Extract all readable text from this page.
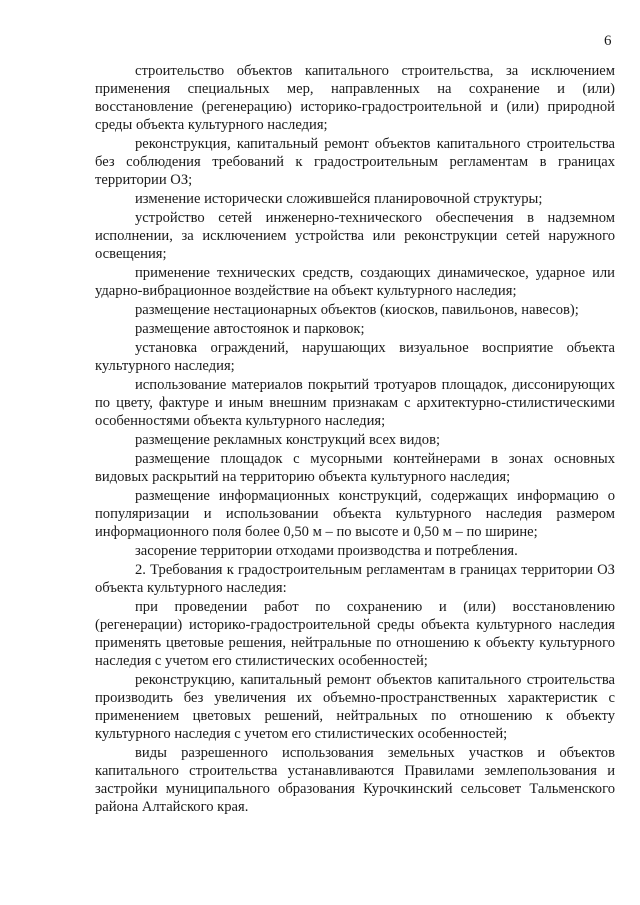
6

строительство объектов капитального строительства, за исключением применения специальных мер, направленных на сохранение и (или) восстановление (регенерацию) историко-градостроительной и (или) природной среды объекта культурного наследия;

реконструкция, капитальный ремонт объектов капитального строительства без соблюдения требований к градостроительным регламентам в границах территории ОЗ;

изменение исторически сложившейся планировочной структуры;

устройство сетей инженерно-технического обеспечения в надземном исполнении, за исключением устройства или реконструкции сетей наружного освещения;

применение технических средств, создающих динамическое, ударное или ударно-вибрационное воздействие на объект культурного наследия;

размещение нестационарных объектов (киосков, павильонов, навесов);

размещение автостоянок и парковок;

установка ограждений, нарушающих визуальное восприятие объекта культурного наследия;

использование материалов покрытий тротуаров площадок, диссонирующих по цвету, фактуре и иным внешним признакам с архитектурно-стилистическими особенностями объекта культурного наследия;

размещение рекламных конструкций всех видов;

размещение площадок с мусорными контейнерами в зонах основных видовых раскрытий на территорию объекта культурного наследия;

размещение информационных конструкций, содержащих информацию о популяризации и использовании объекта культурного наследия размером информационного поля более 0,50 м – по высоте и 0,50 м – по ширине;

засорение территории отходами производства и потребления.

2. Требования к градостроительным регламентам в границах территории ОЗ объекта культурного наследия:

при проведении работ по сохранению и (или) восстановлению (регенерации) историко-градостроительной среды объекта культурного наследия применять цветовые решения, нейтральные по отношению к объекту культурного наследия с учетом его стилистических особенностей;

реконструкцию, капитальный ремонт объектов капитального строительства производить без увеличения их объемно-пространственных характеристик с применением цветовых решений, нейтральных по отношению к объекту культурного наследия с учетом его стилистических особенностей;

виды разрешенного использования земельных участков и объектов капитального строительства устанавливаются Правилами землепользования и застройки муниципального образования Курочкинский сельсовет Тальменского района Алтайского края.
